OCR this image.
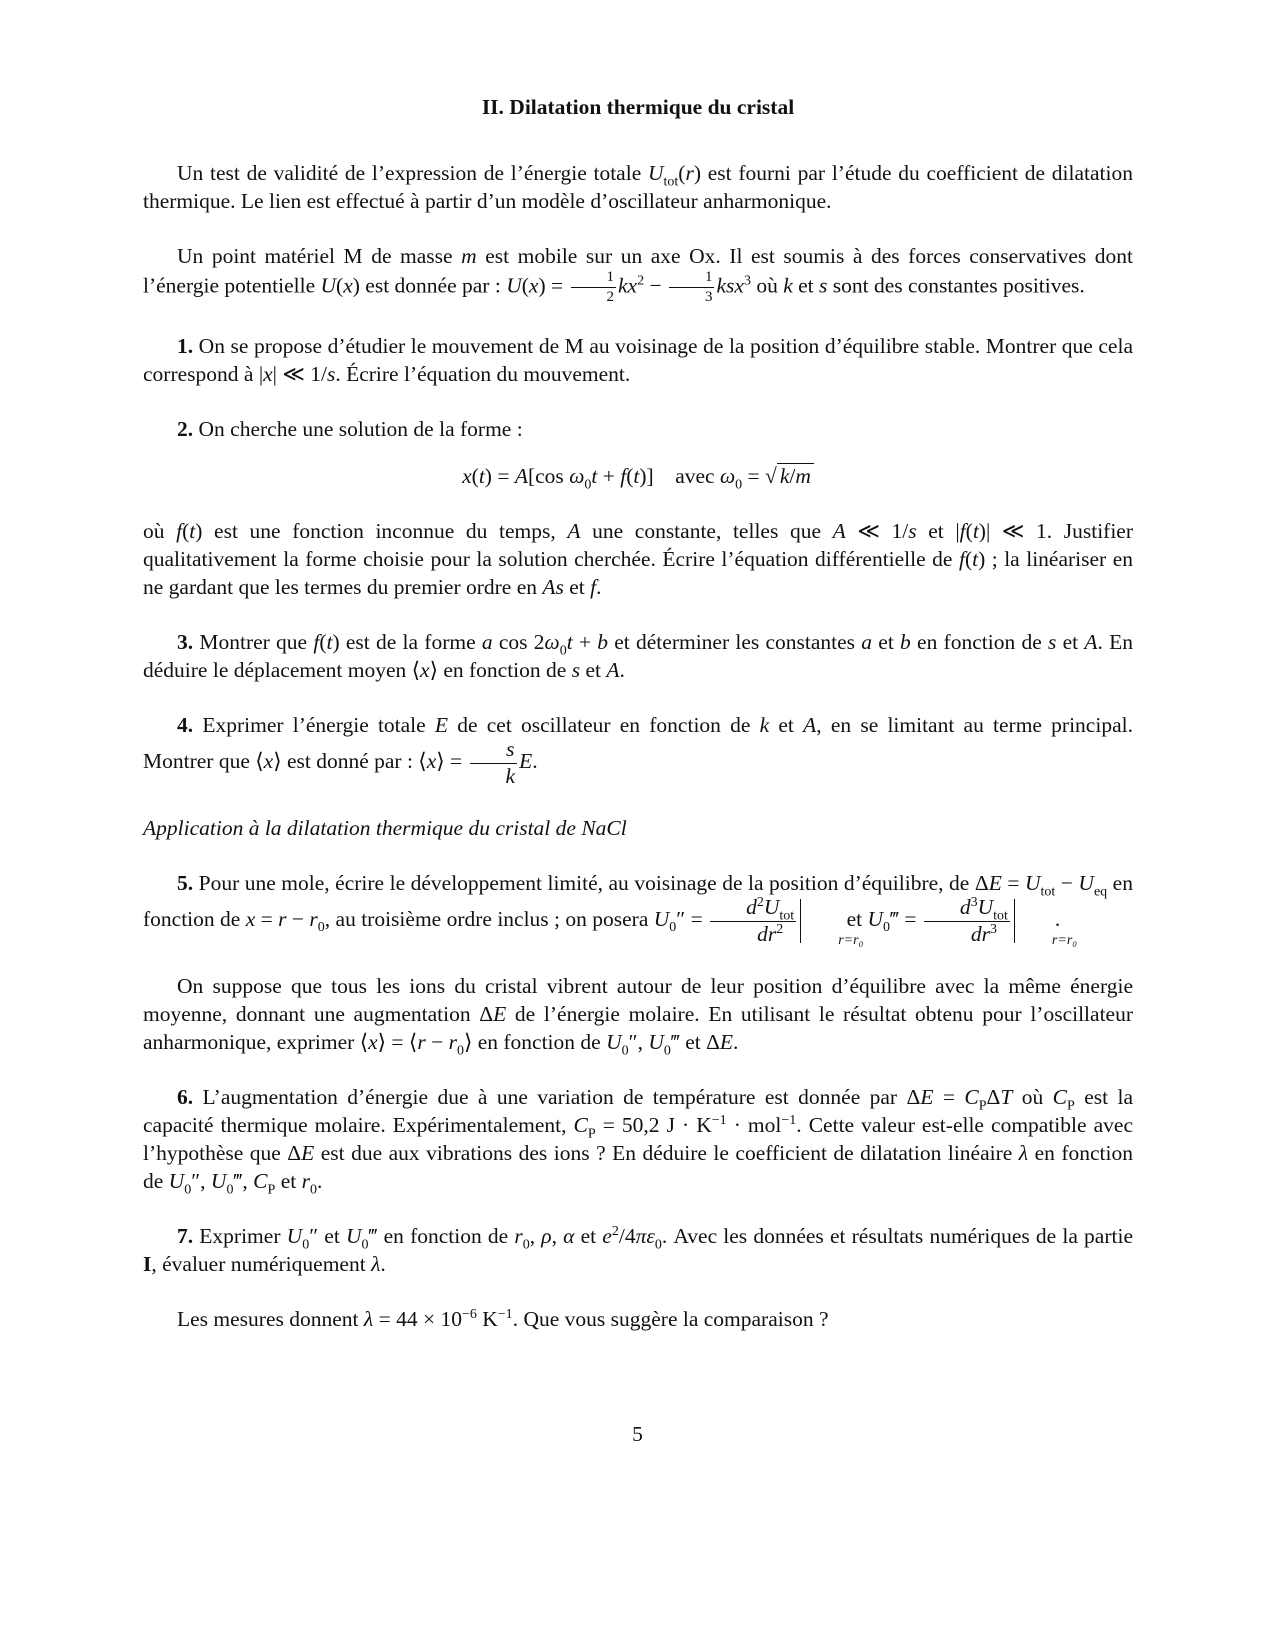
II. Dilatation thermique du cristal

Un test de validité de l’expression de l’énergie totale $U_{tot}(r)$ est fourni par l’étude du coefficient de dilatation thermique. Le lien est effectué à partir d’un modèle d’oscillateur anharmonique.

Un point matériel M de masse m est mobile sur un axe Ox. Il est soumis à des forces conservatives dont l’énergie potentielle U(x) est donnée par : $U(x) = \frac{1}{2} kx^2 - \frac{1}{3} ksx^3$ où k et s sont des constantes positives.

1. On se propose d’étudier le mouvement de M au voisinage de la position d’équilibre stable. Montrer que cela correspond à |x| ≪ 1/s. Écrire l’équation du mouvement.

2. On cherche une solution de la forme :

x(t) = A[cos $\omega_0t + f(t)$]    avec $\omega_0$ = √ k/m

où f(t) est une fonction inconnue du temps, A une constante, telles que A ≪ 1/s et |f(t)| ≪ 1. Justifier qualitativement la forme choisie pour la solution cherchée. Écrire l’équation différentielle de f(t) ; la linéariser en ne gardant que les termes du premier ordre en As et f.

3. Montrer que f(t) est de la forme a $\cos 2\omega_0t + b$ et déterminer les constantes a et b en fonction de s et A. En déduire le déplacement moyen ⟨x⟩ en fonction de s et A.

4. Exprimer l’énergie totale E de cet oscillateur en fonction de k et A, en se limitant au terme principal. Montrer que ⟨x⟩ est donné par : ⟨x⟩ = $\frac{s}{k} E$.

Application à la dilatation thermique du cristal de NaCl

5. Pour une mole, écrire le développement limité, au voisinage de la position d’équilibre, de $\Delta E = U_{tot} - U_{eq}$ en fonction de $x = r - r_0$, au troisième ordre inclus ; on posera $U_0'' = \frac{d^2U_{tot}}{dr^2}$	r=r₀
et $U_0‴ = \frac{d^3U_{tot}}{dr^3}$	r=r₀
.

On suppose que tous les ions du cristal vibrent autour de leur position d’équilibre avec la même énergie moyenne, donnant une augmentation ΔE de l’énergie molaire. En utilisant le résultat obtenu pour l’oscillateur anharmonique, exprimer ⟨x⟩ = ⟨r − $r_0⟩$ en fonction de $U_0''$, $U_0‴$ et ΔE.

6. L’augmentation d’énergie due à une variation de température est donnée par $\Delta E = C_P\Delta T$ où $C_P$ est la capacité thermique molaire. Expérimentalement, $C_P = 50,2$ $J \cdot K^{-1} \cdot mol^{-1}$. Cette valeur est-elle compatible avec l’hypothèse que ΔE est due aux vibrations des ions ? En déduire le coefficient de dilatation linéaire λ en fonction de $U_0''$, $U_0‴$, $C_P$ et $r_0$.

7. Exprimer $U_0''$ et $U_0‴$ en fonction de $r_0$, ρ, α et $e^2/4\pi\varepsilon_0$. Avec les données et résultats numériques de la partie I, évaluer numériquement λ.

Les mesures donnent $\lambda = 44 \times 10^{-6}$ $K^{-1}$. Que vous suggère la comparaison ?

5
